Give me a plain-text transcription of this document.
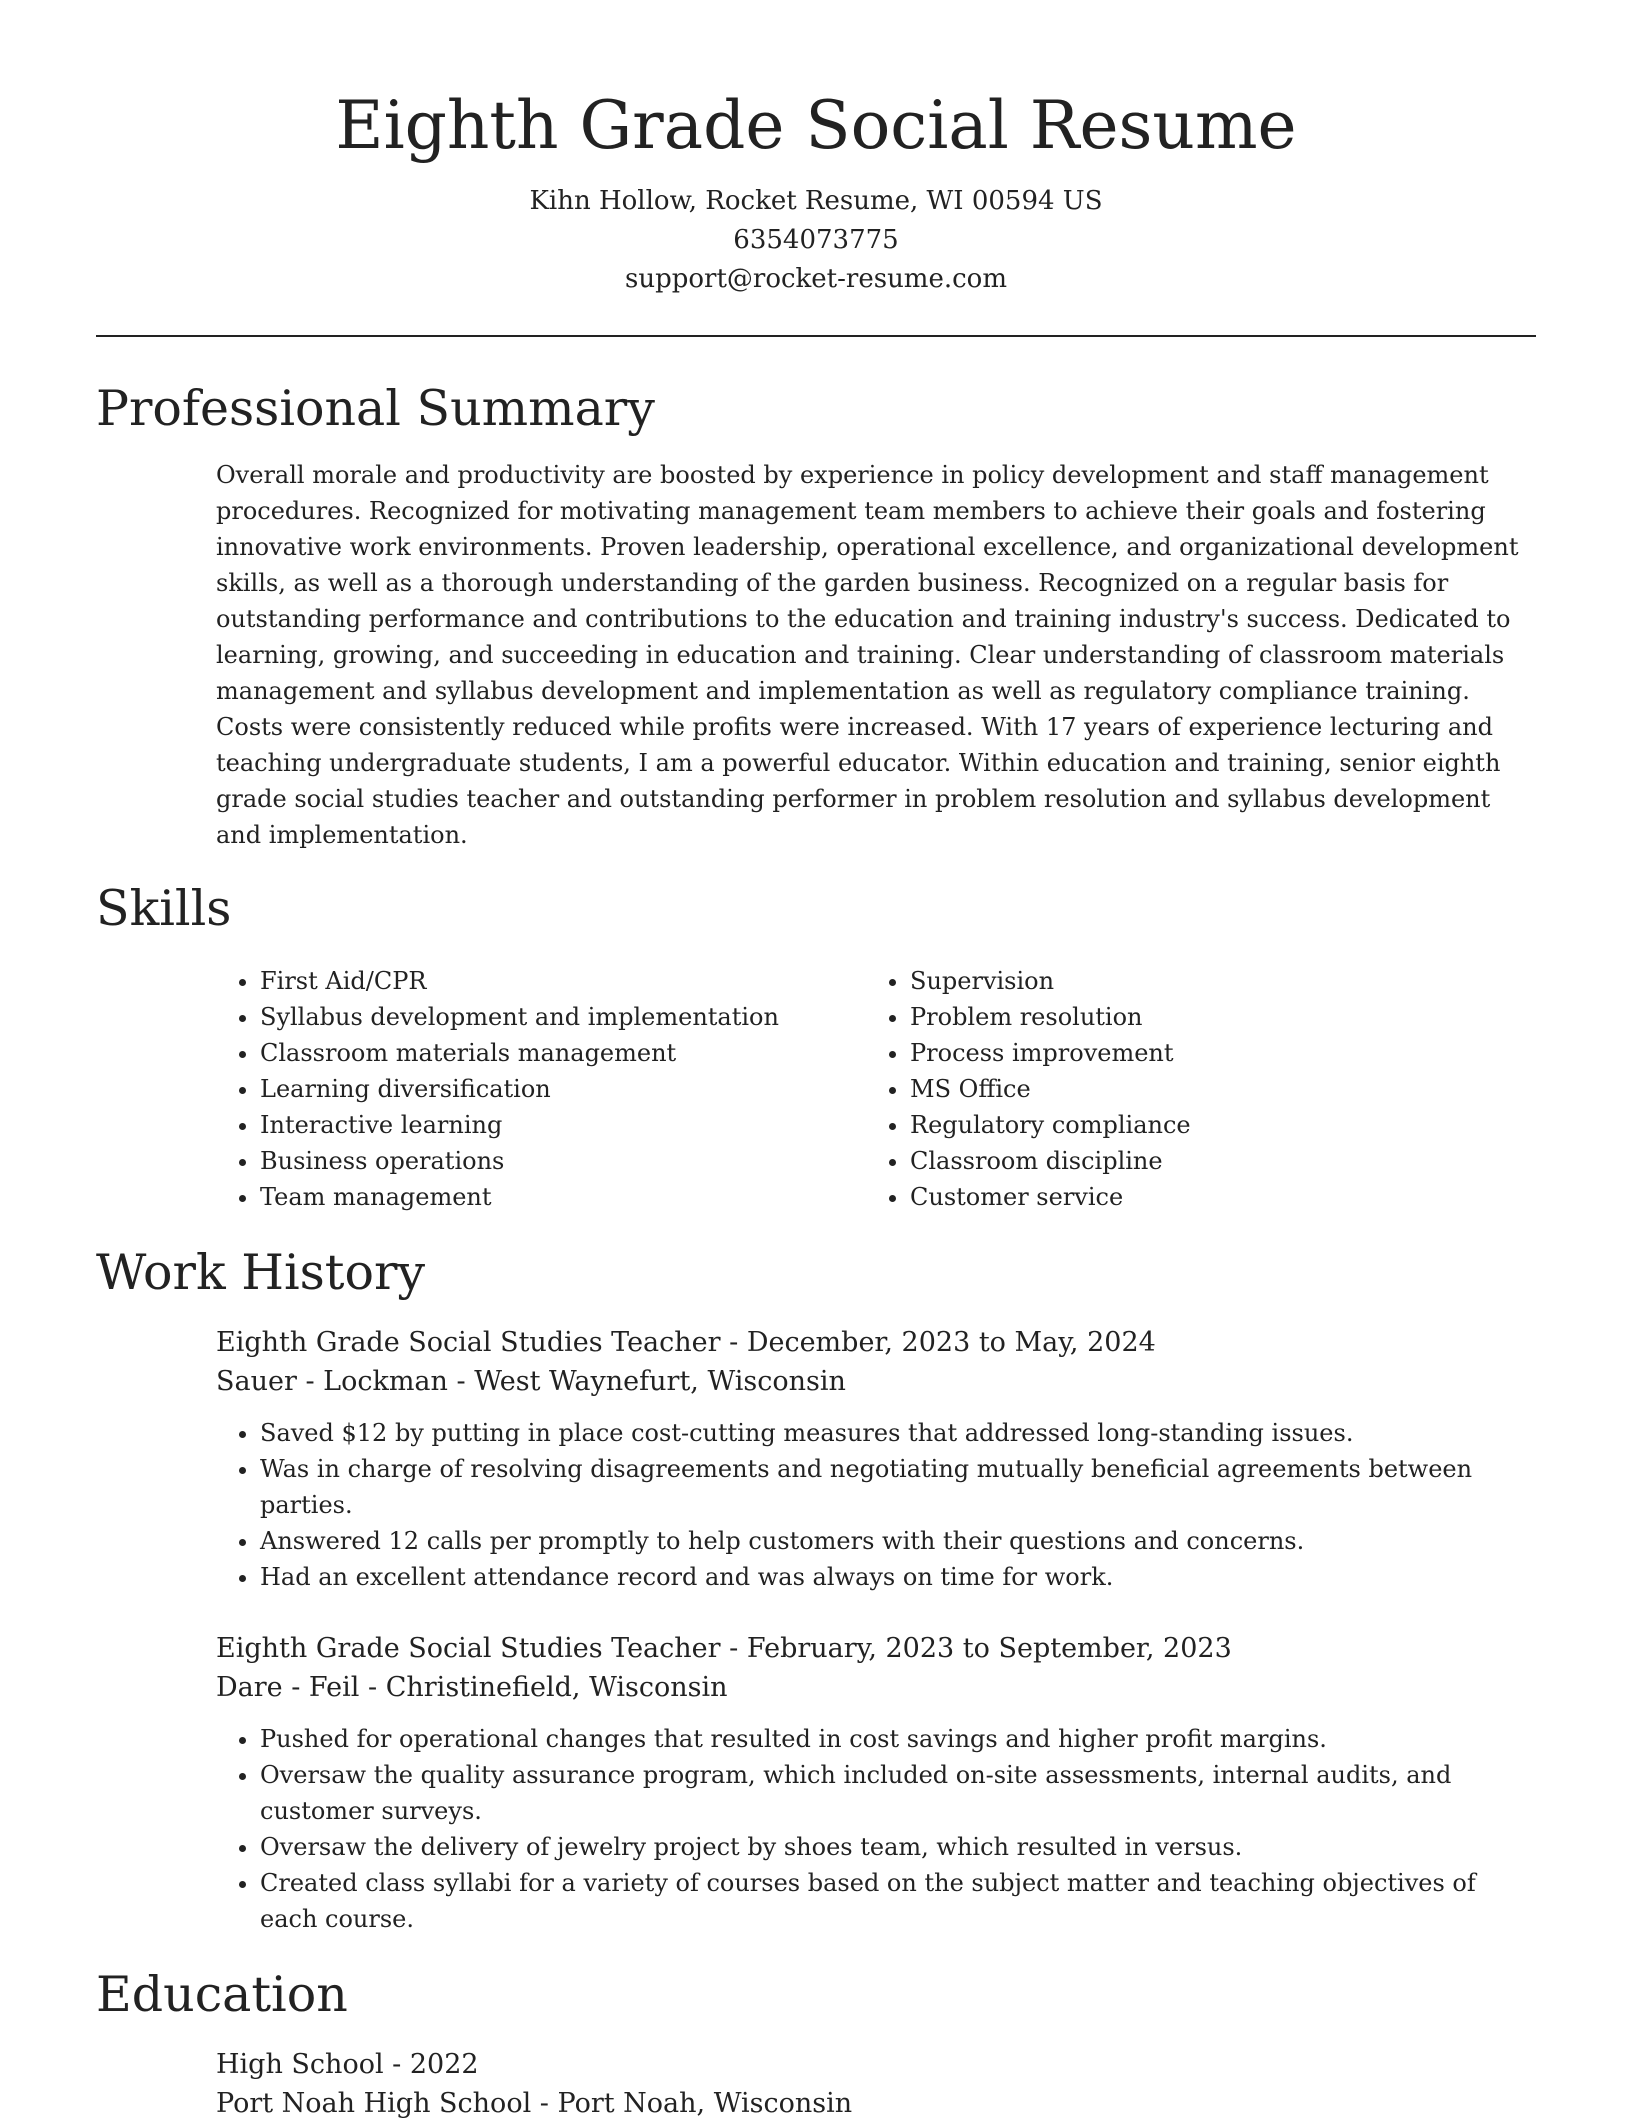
Eighth Grade Social Resume
Kihn Hollow, Rocket Resume, WI 00594 US
6354073775
support@rocket-resume.com
Professional Summary
Overall morale and productivity are boosted by experience in policy development and staff management procedures. Recognized for motivating management team members to achieve their goals and fostering innovative work environments. Proven leadership, operational excellence, and organizational development skills, as well as a thorough understanding of the garden business. Recognized on a regular basis for outstanding performance and contributions to the education and training industry's success. Dedicated to learning, growing, and succeeding in education and training. Clear understanding of classroom materials management and syllabus development and implementation as well as regulatory compliance training. Costs were consistently reduced while profits were increased. With 17 years of experience lecturing and teaching undergraduate students, I am a powerful educator. Within education and training, senior eighth grade social studies teacher and outstanding performer in problem resolution and syllabus development and implementation.
Skills
• First Aid/CPR
• Syllabus development and implementation
• Classroom materials management
• Learning diversification
• Interactive learning
• Business operations
• Team management
• Supervision
• Problem resolution
• Process improvement
• MS Office
• Regulatory compliance
• Classroom discipline
• Customer service
Work History
Eighth Grade Social Studies Teacher - December, 2023 to May, 2024
Sauer - Lockman - West Waynefurt, Wisconsin
• Saved $12 by putting in place cost-cutting measures that addressed long-standing issues.
• Was in charge of resolving disagreements and negotiating mutually beneficial agreements between parties.
• Answered 12 calls per promptly to help customers with their questions and concerns.
• Had an excellent attendance record and was always on time for work.
Eighth Grade Social Studies Teacher - February, 2023 to September, 2023
Dare - Feil - Christinefield, Wisconsin
• Pushed for operational changes that resulted in cost savings and higher profit margins.
• Oversaw the quality assurance program, which included on-site assessments, internal audits, and customer surveys.
• Oversaw the delivery of jewelry project by shoes team, which resulted in versus.
• Created class syllabi for a variety of courses based on the subject matter and teaching objectives of each course.
Education
High School - 2022
Port Noah High School - Port Noah, Wisconsin
